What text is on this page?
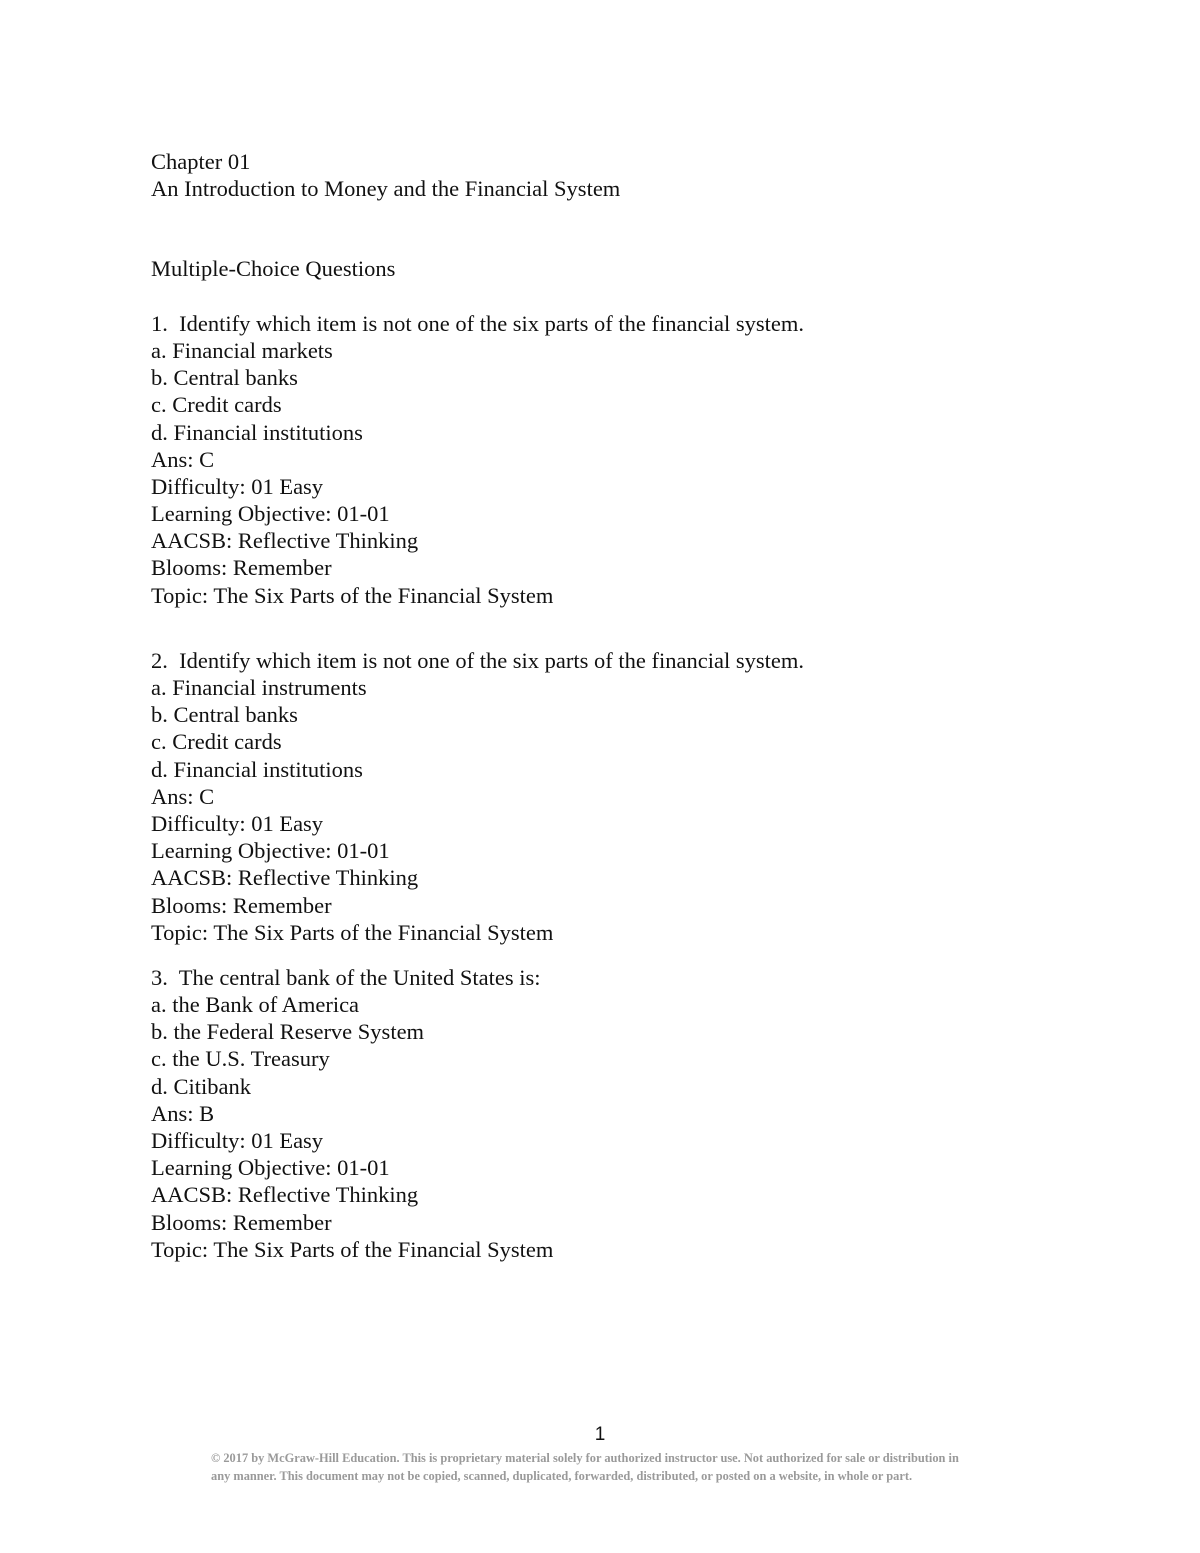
Chapter 01
An Introduction to Money and the Financial System
Multiple-Choice Questions
1.  Identify which item is not one of the six parts of the financial system.
a. Financial markets
b. Central banks
c. Credit cards
d. Financial institutions
Ans: C
Difficulty: 01 Easy
Learning Objective: 01-01
AACSB: Reflective Thinking
Blooms: Remember
Topic: The Six Parts of the Financial System
2.  Identify which item is not one of the six parts of the financial system.
a. Financial instruments
b. Central banks
c. Credit cards
d. Financial institutions
Ans: C
Difficulty: 01 Easy
Learning Objective: 01-01
AACSB: Reflective Thinking
Blooms: Remember
Topic: The Six Parts of the Financial System
3.  The central bank of the United States is:
a. the Bank of America
b. the Federal Reserve System
c. the U.S. Treasury
d. Citibank
Ans: B
Difficulty: 01 Easy
Learning Objective: 01-01
AACSB: Reflective Thinking
Blooms: Remember
Topic: The Six Parts of the Financial System
1
© 2017 by McGraw-Hill Education. This is proprietary material solely for authorized instructor use. Not authorized for sale or distribution in
any manner. This document may not be copied, scanned, duplicated, forwarded, distributed, or posted on a website, in whole or part.
